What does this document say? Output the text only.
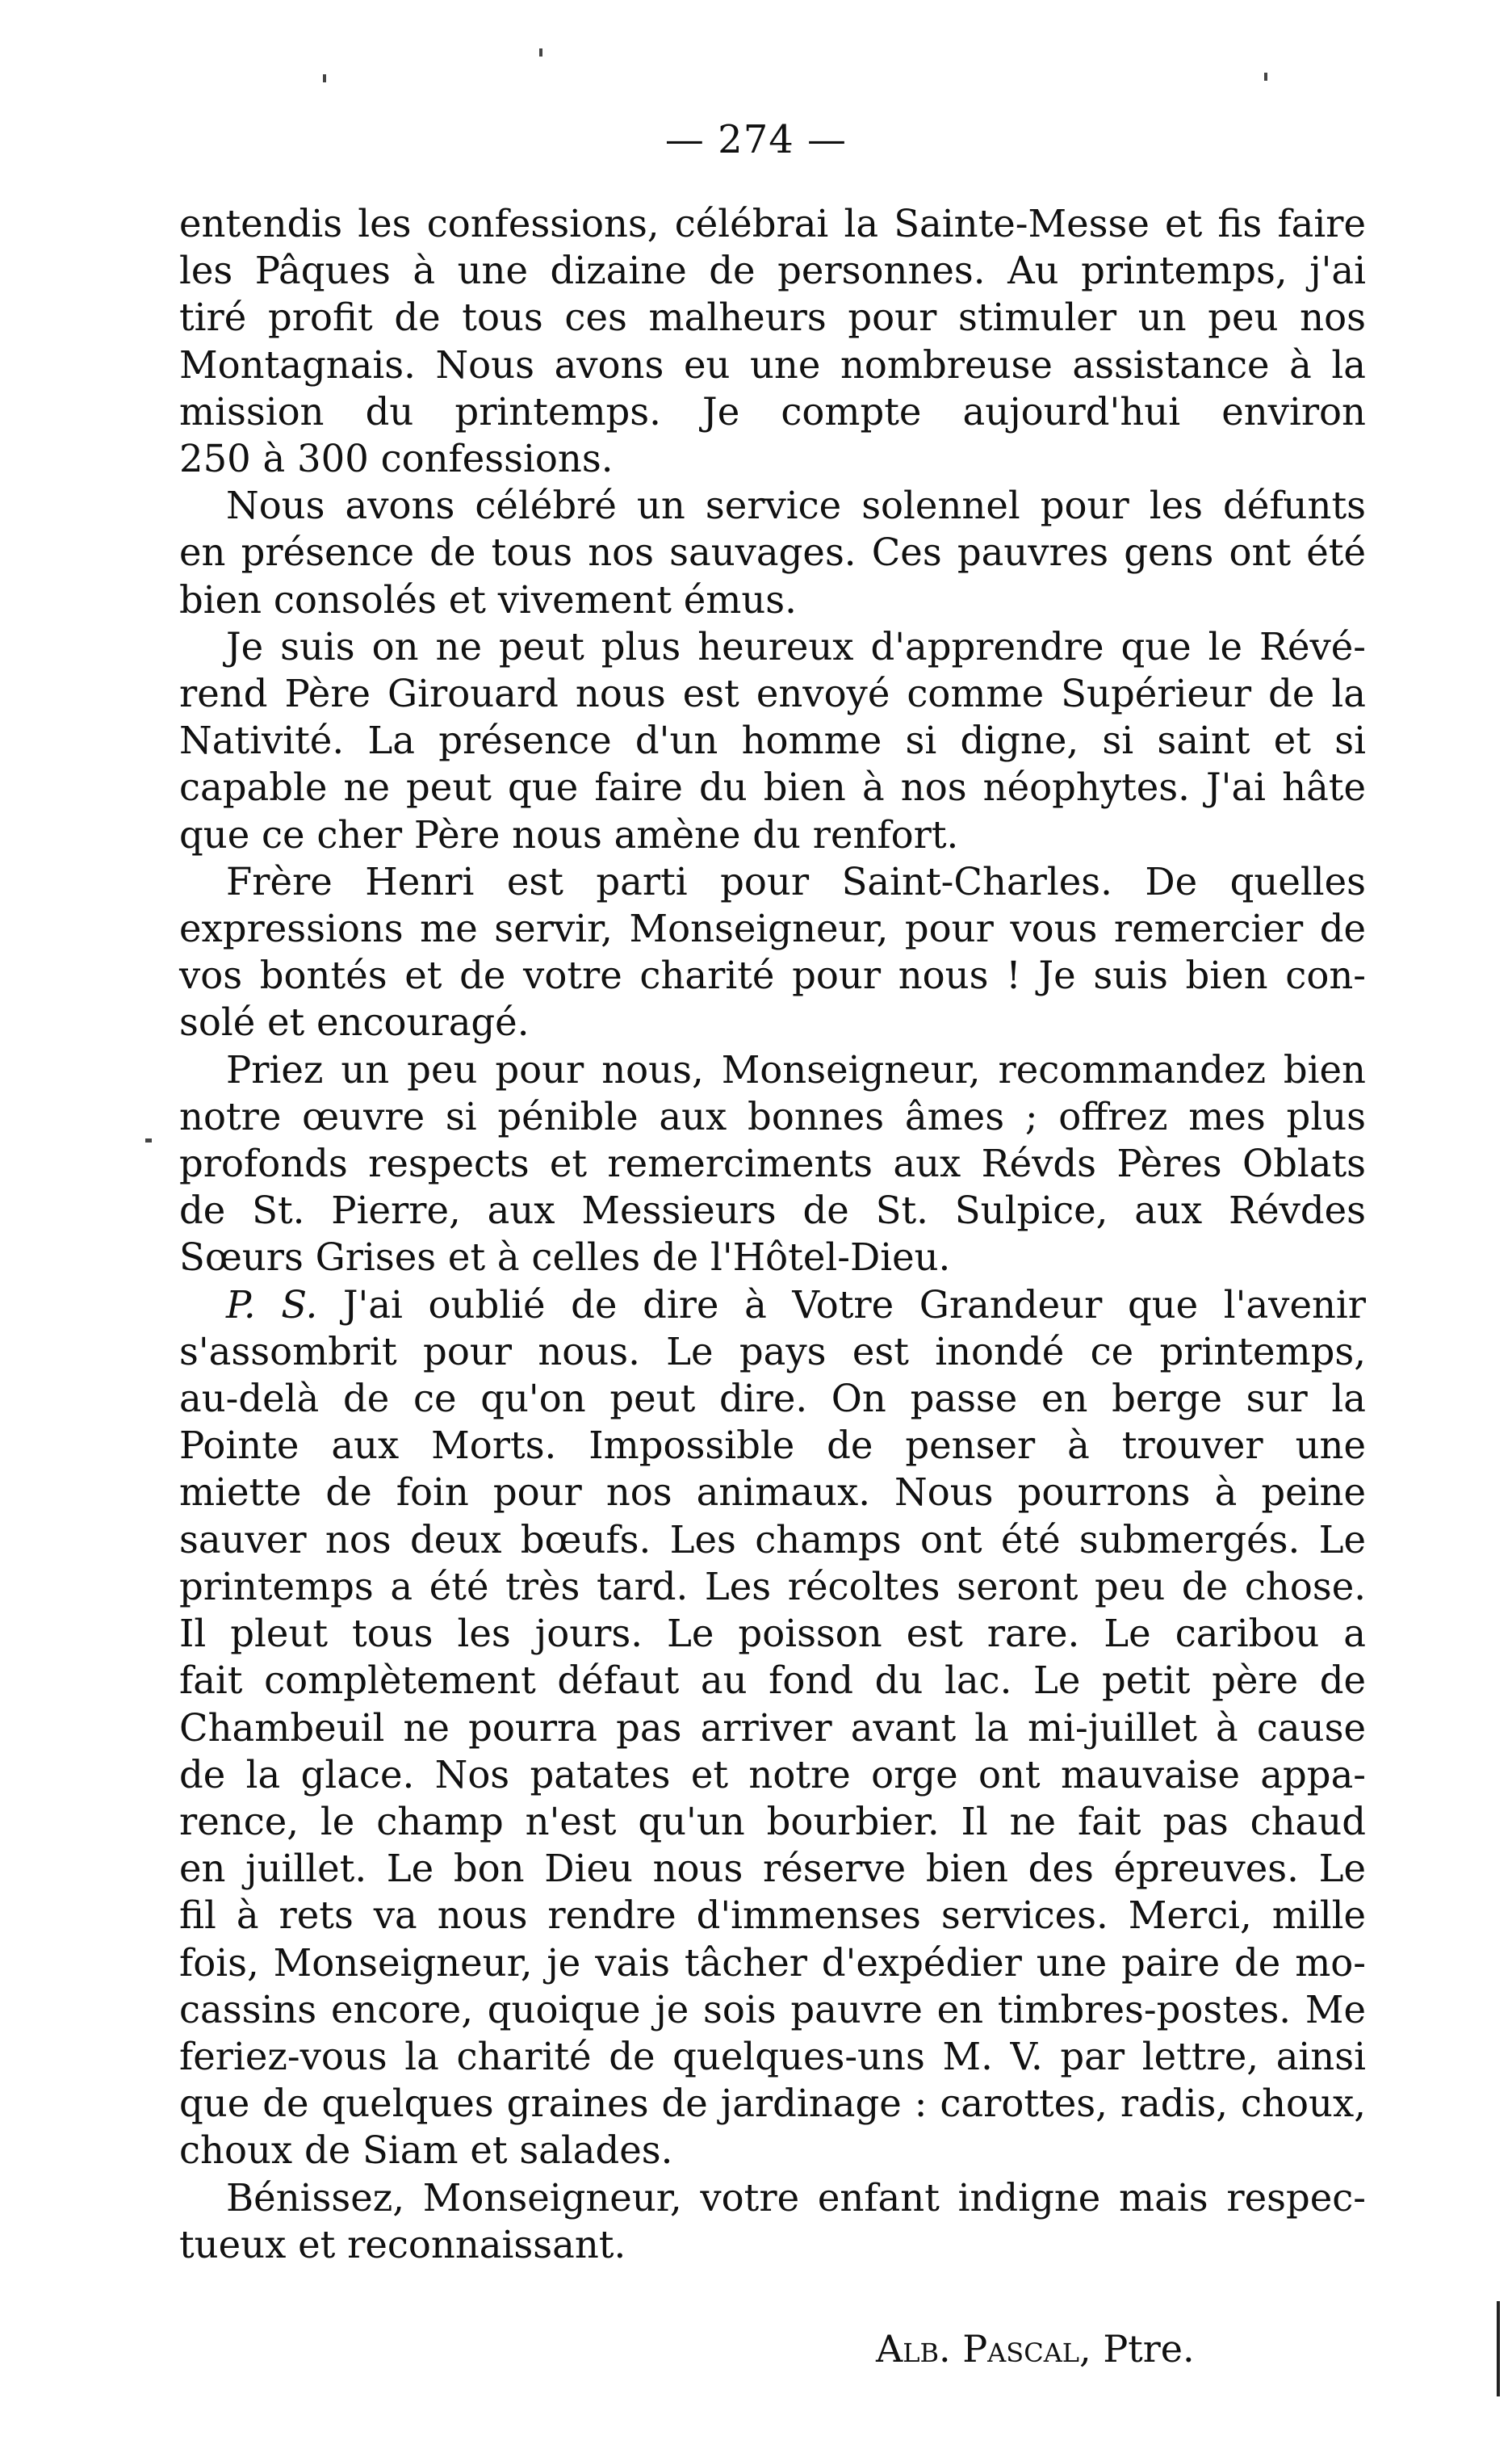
— 274 —

entendis les confessions, célébrai la Sainte-Messe et fis faire
les Pâques à une dizaine de personnes. Au printemps, j'ai
tiré profit de tous ces malheurs pour stimuler un peu nos
Montagnais. Nous avons eu une nombreuse assistance à la
mission du printemps. Je compte aujourd'hui environ
250 à 300 confessions.

Nous avons célébré un service solennel pour les défunts
en présence de tous nos sauvages. Ces pauvres gens ont été
bien consolés et vivement émus.

Je suis on ne peut plus heureux d'apprendre que le Révé-
rend Père Girouard nous est envoyé comme Supérieur de la
Nativité. La présence d'un homme si digne, si saint et si
capable ne peut que faire du bien à nos néophytes. J'ai hâte
que ce cher Père nous amène du renfort.

Frère Henri est parti pour Saint-Charles. De quelles
expressions me servir, Monseigneur, pour vous remercier de
vos bontés et de votre charité pour nous ! Je suis bien con-
solé et encouragé.

Priez un peu pour nous, Monseigneur, recommandez bien
notre œuvre si pénible aux bonnes âmes ; offrez mes plus
profonds respects et remerciments aux Révds Pères Oblats
de St. Pierre, aux Messieurs de St. Sulpice, aux Révdes
Sœurs Grises et à celles de l'Hôtel-Dieu.

P. S. J'ai oublié de dire à Votre Grandeur que l'avenir
s'assombrit pour nous. Le pays est inondé ce printemps,
au-delà de ce qu'on peut dire. On passe en berge sur la
Pointe aux Morts. Impossible de penser à trouver une
miette de foin pour nos animaux. Nous pourrons à peine
sauver nos deux bœufs. Les champs ont été submergés. Le
printemps a été très tard. Les récoltes seront peu de chose.
Il pleut tous les jours. Le poisson est rare. Le caribou a
fait complètement défaut au fond du lac. Le petit père de
Chambeuil ne pourra pas arriver avant la mi-juillet à cause
de la glace. Nos patates et notre orge ont mauvaise appa-
rence, le champ n'est qu'un bourbier. Il ne fait pas chaud
en juillet. Le bon Dieu nous réserve bien des épreuves. Le
fil à rets va nous rendre d'immenses services. Merci, mille
fois, Monseigneur, je vais tâcher d'expédier une paire de mo-
cassins encore, quoique je sois pauvre en timbres-postes. Me
feriez-vous la charité de quelques-uns M. V. par lettre, ainsi
que de quelques graines de jardinage : carottes, radis, choux,
choux de Siam et salades.

Bénissez, Monseigneur, votre enfant indigne mais respec-
tueux et reconnaissant.

Alb. Pascal, Ptre.
